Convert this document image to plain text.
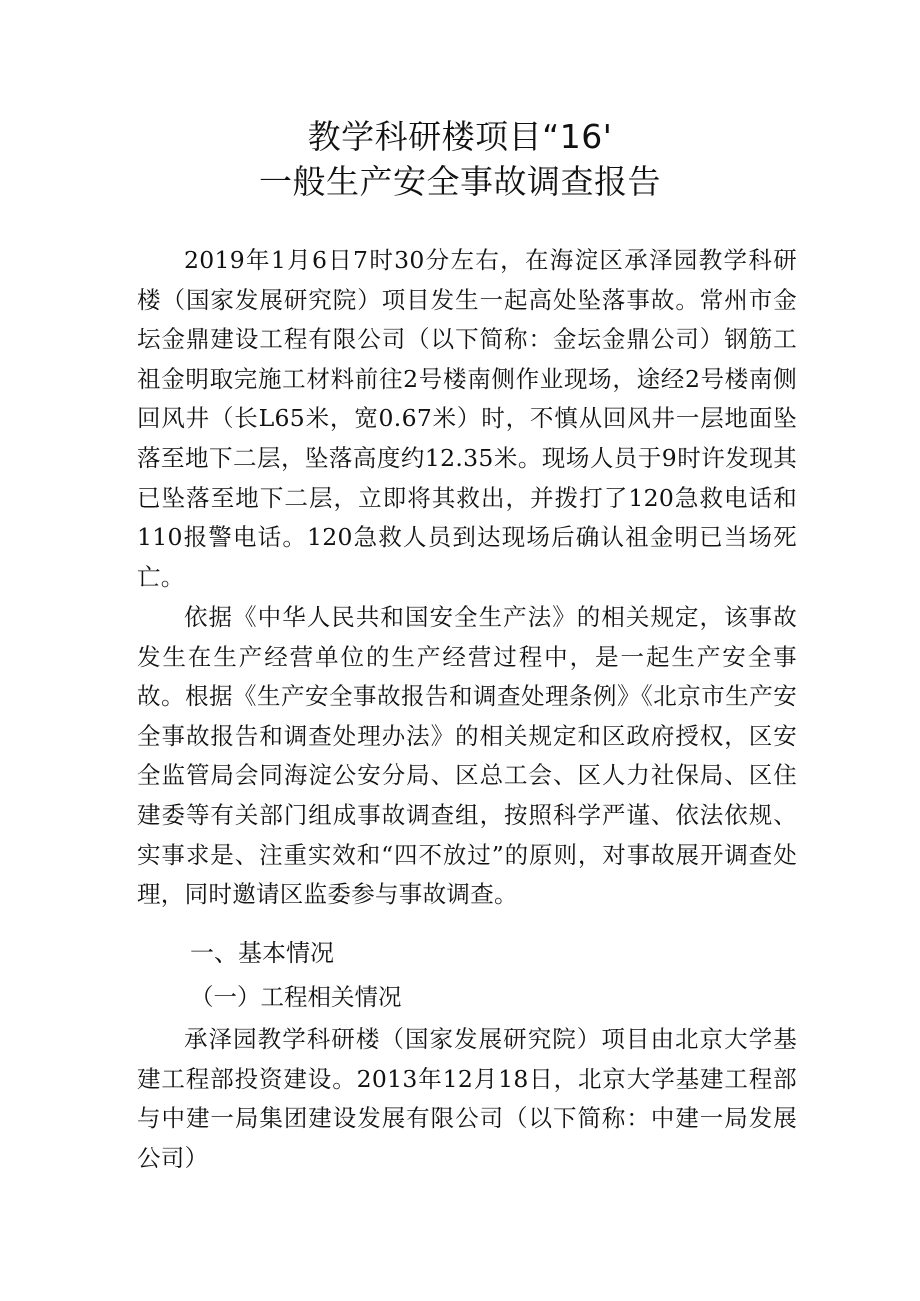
教学科研楼项目“16'
一般生产安全事故调查报告

2019年1月6日7时30分左右，在海淀区承泽园教学科研楼（国家发展研究院）项目发生一起高处坠落事故。常州市金坛金鼎建设工程有限公司（以下简称：金坛金鼎公司）钢筋工祖金明取完施工材料前往2号楼南侧作业现场，途经2号楼南侧回风井（长L65米，宽0.67米）时，不慎从回风井一层地面坠落至地下二层，坠落高度约12.35米。现场人员于9时许发现其已坠落至地下二层，立即将其救出，并拨打了120急救电话和110报警电话。120急救人员到达现场后确认祖金明已当场死亡。

依据《中华人民共和国安全生产法》的相关规定，该事故发生在生产经营单位的生产经营过程中，是一起生产安全事故。根据《生产安全事故报告和调查处理条例》《北京市生产安全事故报告和调查处理办法》的相关规定和区政府授权，区安全监管局会同海淀公安分局、区总工会、区人力社保局、区住建委等有关部门组成事故调查组，按照科学严谨、依法依规、实事求是、注重实效和“四不放过”的原则，对事故展开调查处理，同时邀请区监委参与事故调查。

一、基本情况
（一）工程相关情况

承泽园教学科研楼（国家发展研究院）项目由北京大学基建工程部投资建设。2013年12月18日，北京大学基建工程部与中建一局集团建设发展有限公司（以下简称：中建一局发展公司）
